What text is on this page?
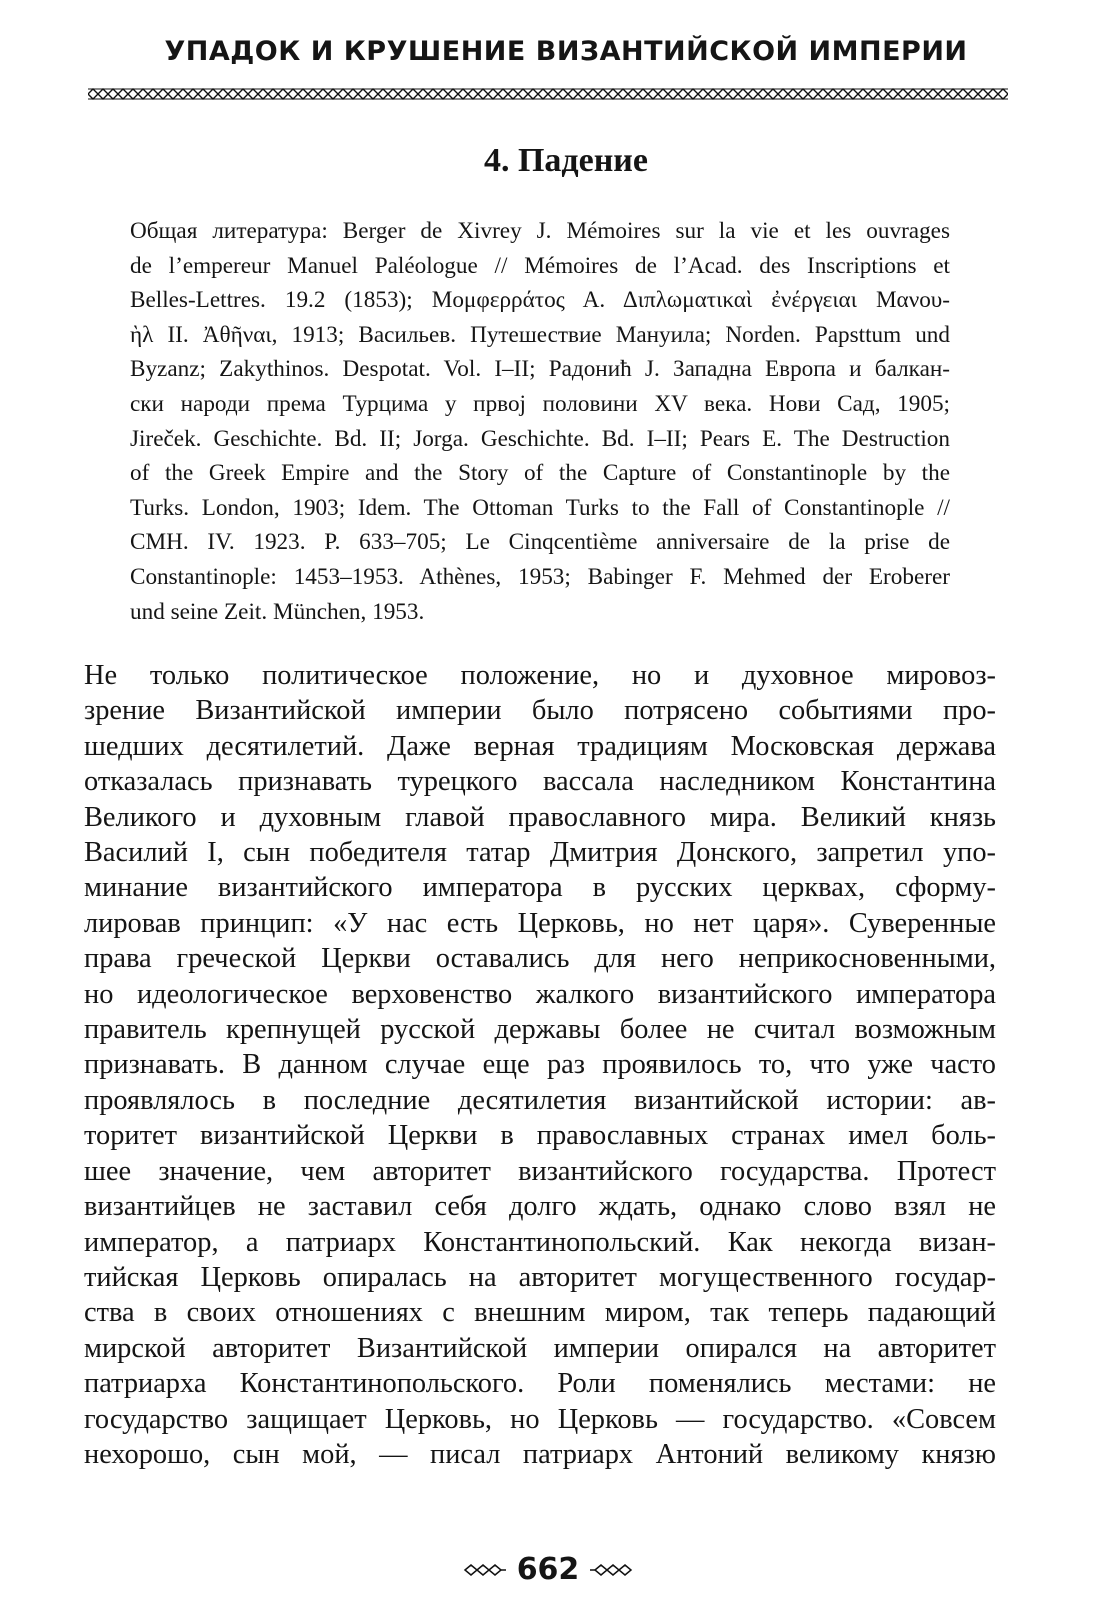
УПАДОК И КРУШЕНИЕ ВИЗАНТИЙСКОЙ ИМПЕРИИ
4. Падение
Общая литература: Berger de Xivrey J. Mémoires sur la vie et les ouvrages
de l’empereur Manuel Paléologue // Mémoires de l’Acad. des Inscriptions et
Belles-Lettres. 19.2 (1853); Μομφερράτος Α. Διπλωματικαὶ ἐνέργειαι Μανου-
ὴλ II. Ἀθῆναι, 1913; Васильев. Путешествие Мануила; Norden. Papsttum und
Byzanz; Zakythinos. Despotat. Vol. I–II; Радонић J. Западна Европа и балкан-
ски народи према Турцима у првој половини XV века. Нови Сад, 1905;
Jireček. Geschichte. Bd. II; Jorga. Geschichte. Bd. I–II; Pears E. The Destruction
of the Greek Empire and the Story of the Capture of Constantinople by the
Turks. London, 1903; Idem. The Ottoman Turks to the Fall of Constantinople //
CMH. IV. 1923. P. 633–705; Le Cinqcentième anniversaire de la prise de
Constantinople: 1453–1953. Athènes, 1953; Babinger F. Mehmed der Eroberer
und seine Zeit. München, 1953.
Не только политическое положение, но и духовное мировоз-
зрение Византийской империи было потрясено событиями про-
шедших десятилетий. Даже верная традициям Московская держава
отказалась признавать турецкого вассала наследником Константина
Великого и духовным главой православного мира. Великий князь
Василий I, сын победителя татар Дмитрия Донского, запретил упо-
минание византийского императора в русских церквах, сформу-
лировав принцип: «У нас есть Церковь, но нет царя». Суверенные
права греческой Церкви оставались для него неприкосновенными,
но идеологическое верховенство жалкого византийского императора
правитель крепнущей русской державы более не считал возможным
признавать. В данном случае еще раз проявилось то, что уже часто
проявлялось в последние десятилетия византийской истории: ав-
торитет византийской Церкви в православных странах имел боль-
шее значение, чем авторитет византийского государства. Протест
византийцев не заставил себя долго ждать, однако слово взял не
император, а патриарх Константинопольский. Как некогда визан-
тийская Церковь опиралась на авторитет могущественного государ-
ства в своих отношениях с внешним миром, так теперь падающий
мирской авторитет Византийской империи опирался на авторитет
патриарха Константинопольского. Роли поменялись местами: не
государство защищает Церковь, но Церковь — государство. «Совсем
нехорошо, сын мой, — писал патриарх Антоний великому князю
662
